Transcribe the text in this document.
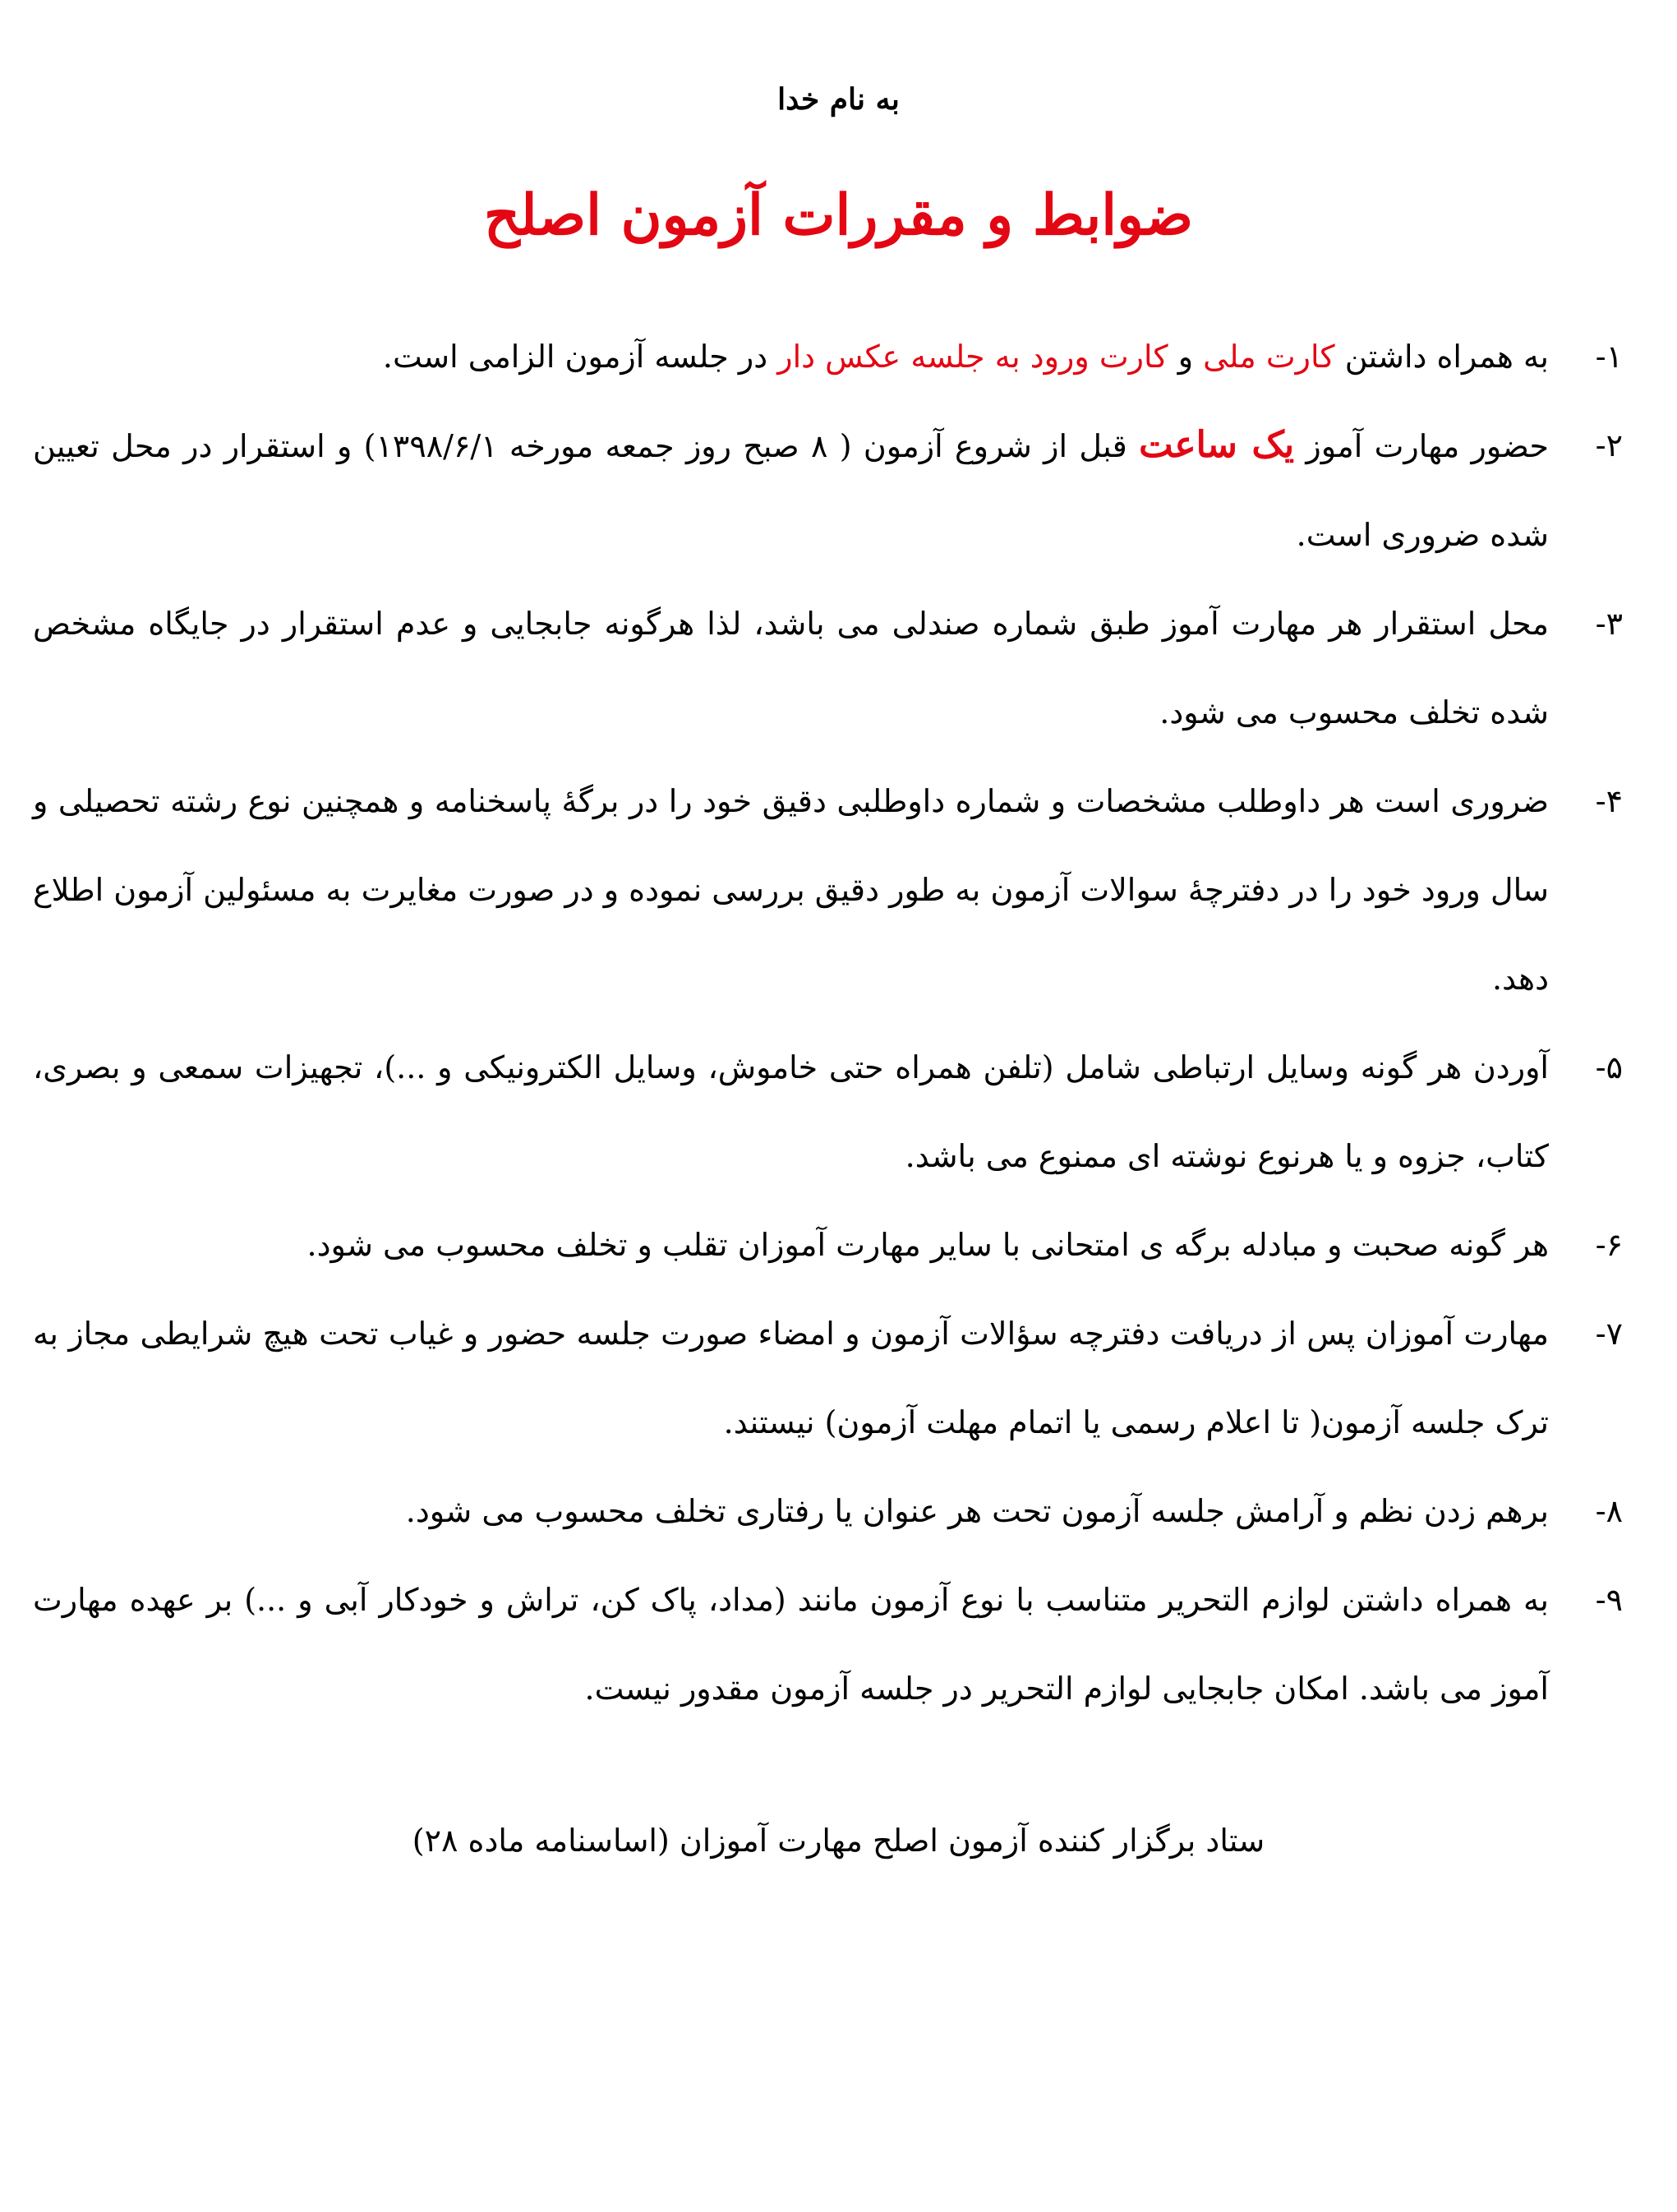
به نام خدا
ضوابط و مقررات آزمون اصلح
۱-
به همراه داشتن کارت ملی و کارت ورود به جلسه عکس دار در جلسه آزمون الزامی است.
۲-
حضور مهارت آموز یک ساعت قبل از شروع آزمون ( ۸ صبح روز جمعه مورخه ۱۳۹۸/۶/۱) و استقرار در محل تعیین شده ضروری است.
۳-
محل استقرار هر مهارت آموز طبق شماره صندلی می باشد، لذا هرگونه جابجایی و عدم استقرار در جایگاه مشخص شده تخلف محسوب می شود.
۴-
ضروری است هر داوطلب مشخصات و شماره داوطلبی دقیق خود را در برگۀ پاسخنامه و همچنین نوع رشته تحصیلی و سال ورود خود را در دفترچۀ سوالات آزمون به طور دقیق بررسی نموده و در صورت مغایرت به مسئولین آزمون اطلاع دهد.
۵-
آوردن هر گونه وسایل ارتباطی شامل (تلفن همراه حتی خاموش، وسایل الکترونیکی و ...)، تجهیزات سمعی و بصری، کتاب، جزوه و یا هرنوع نوشته ای ممنوع می باشد.
۶-
هر گونه صحبت و مبادله برگه ی امتحانی با سایر مهارت آموزان تقلب و تخلف محسوب می شود.
۷-
مهارت آموزان پس از دریافت دفترچه سؤالات آزمون و امضاء صورت جلسه حضور و غیاب تحت هیچ شرایطی مجاز به ترک جلسه آزمون( تا اعلام رسمی یا اتمام مهلت آزمون) نیستند.
۸-
برهم زدن نظم و آرامش جلسه آزمون تحت هر عنوان یا رفتاری تخلف محسوب می شود.
۹-
به همراه داشتن لوازم التحریر متناسب با نوع آزمون مانند (مداد، پاک کن، تراش و خودکار آبی و ...) بر عهده مهارت آموز می باشد. امکان جابجایی لوازم التحریر در جلسه آزمون مقدور نیست.
ستاد برگزار کننده آزمون اصلح مهارت آموزان (اساسنامه ماده ۲۸)
